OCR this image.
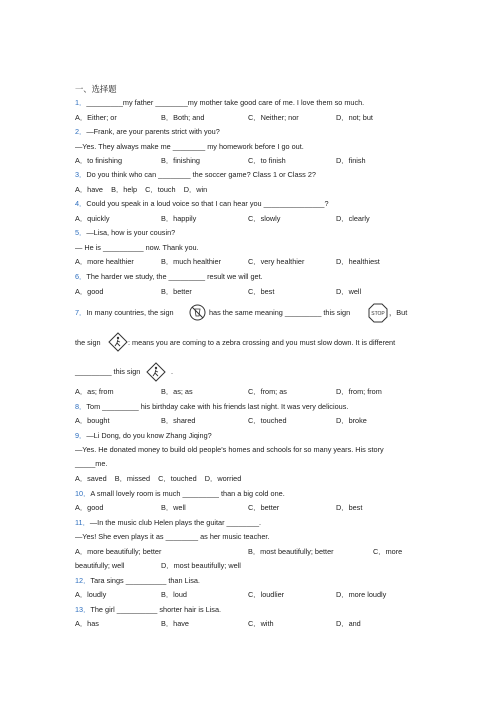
一、选择题
1．_________my father ________my mother take good care of me. I love them so much.
A．Either; or	B．Both; and	C．Neither; nor	D．not; but
2．—Frank, are your parents strict with you?
—Yes. They always make me ________ my homework before I go out.
A．to finishing	B．finishing	C．to finish	D．finish
3．Do you think who can ________ the soccer game? Class 1 or Class 2?
A．have    B．help    C．touch    D．win
4．Could you speak in a loud voice so that I can hear you _______________?
A．quickly	B．happily	C．slowly	D．clearly
5．—Lisa, how is your cousin?
— He is __________ now. Thank you.
A．more healthier	B．much healthier	C．very healthier	D．healthiest
6．The harder we study, the _________ result we will get.
A．good	B．better	C．best	D．well
7．In many countries, the sign	has the same meaning _________ this sign	STOP ，But
the sign	: means you are coming to a zebra crossing and you must slow down. It is different
_________ this sign	.
A．as; from	B．as; as	C．from; as	D．from; from
8．Tom _________ his birthday cake with his friends last night. It was very delicious.
A．bought	B．shared	C．touched	D．broke
9．—Li Dong, do you know Zhang Jiqing?
—Yes. He donated money to build old people’s homes and schools for so many years. His story
_____me.
A．saved    B．missed    C．touched    D．worried
10．A small lovely room is much _________ than a big cold one.
A．good	B．well	C．better	D．best
11．—In the music club Helen plays the guitar ________.
—Yes! She even plays it as ________ as her music teacher.
A．more beautifully; better	B．most beautifully; better	C．more
beautifully; well	D．most beautifully; well
12．Tara sings __________ than Lisa.
A．loudly	B．loud	C．loudlier	D．more loudly
13．The girl __________ shorter hair is Lisa.
A．has	B．have	C．with	D．and
